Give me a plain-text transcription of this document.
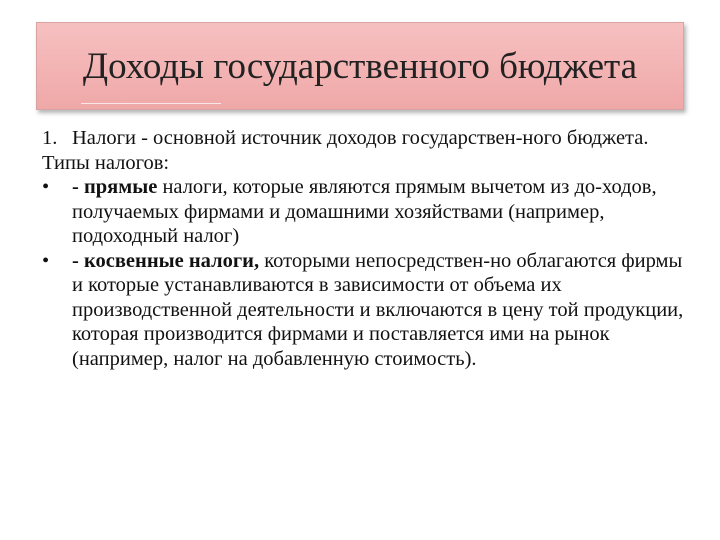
Доходы государственного бюджета
1. Налоги - основной источник доходов государствен-ного бюджета.
Типы налогов:
• - прямые налоги, которые являются прямым вычетом из до-ходов, получаемых фирмами и домашними хозяйствами (например, подоходный налог)
• - косвенные налоги, которыми непосредствен-но облагаются фирмы и которые устанавливаются в зависимости от объема их производственной деятельности и включаются в цену той продукции, которая производится фирмами и поставляется ими на рынок (например, налог на добавленную стоимость).
